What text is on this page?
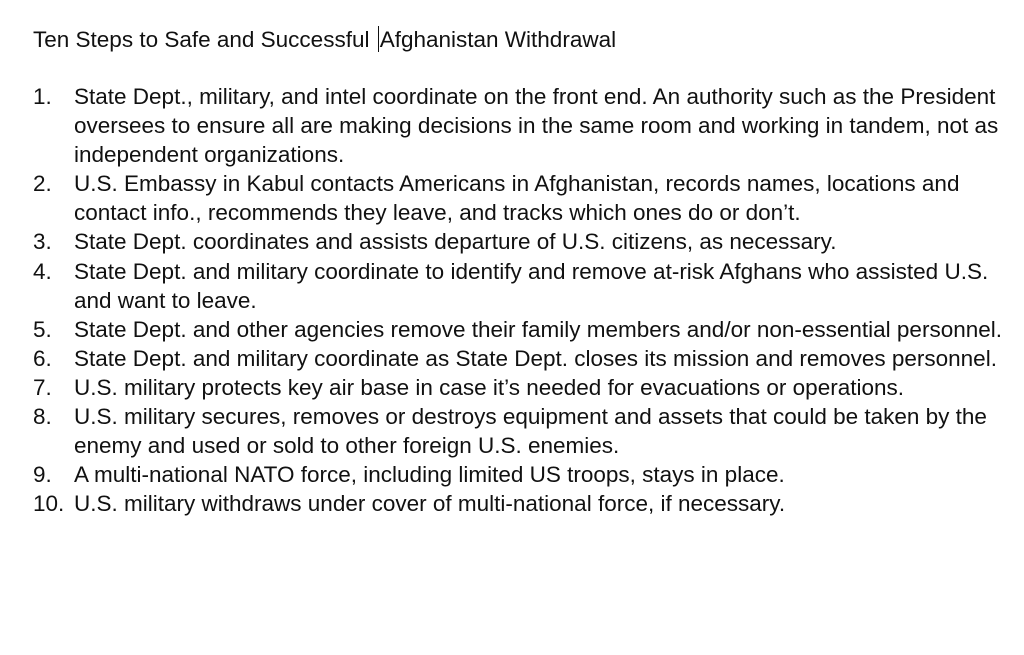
Ten Steps to Safe and Successful Afghanistan Withdrawal
1. State Dept., military, and intel coordinate on the front end. An authority such as the President oversees to ensure all are making decisions in the same room and working in tandem, not as independent organizations.
2. U.S. Embassy in Kabul contacts Americans in Afghanistan, records names, locations and contact info., recommends they leave, and tracks which ones do or don’t.
3. State Dept. coordinates and assists departure of U.S. citizens, as necessary.
4. State Dept. and military coordinate to identify and remove at-risk Afghans who assisted U.S. and want to leave.
5. State Dept. and other agencies remove their family members and/or non-essential personnel.
6. State Dept. and military coordinate as State Dept. closes its mission and removes personnel.
7. U.S. military protects key air base in case it’s needed for evacuations or operations.
8. U.S. military secures, removes or destroys equipment and assets that could be taken by the enemy and used or sold to other foreign U.S. enemies.
9. A multi-national NATO force, including limited US troops, stays in place.
10. U.S. military withdraws under cover of multi-national force, if necessary.
